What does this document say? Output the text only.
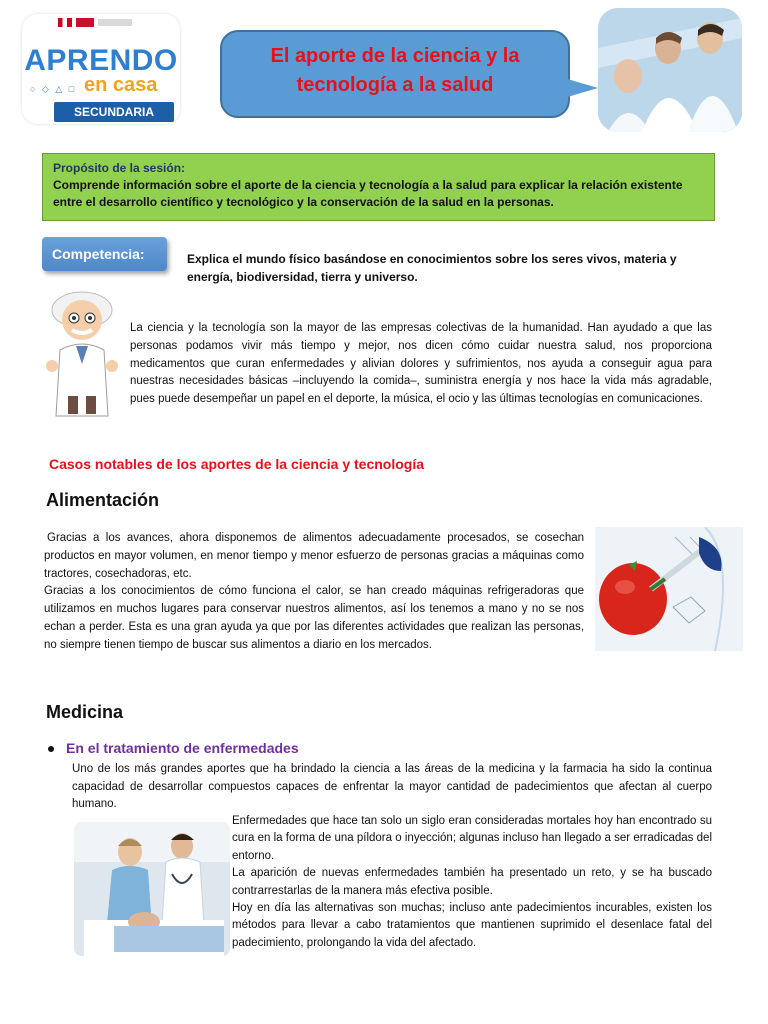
APRENDO
○ ◇ △ □ en casa
SECUNDARIA
El aporte de la ciencia y la
tecnología a la salud
Propósito de la sesión:
Comprende información sobre el aporte de la ciencia y tecnología a la salud para explicar la relación existente entre el desarrollo científico y tecnológico y la conservación de la salud en la personas.
Competencia:	Explica el mundo físico basándose en conocimientos sobre los seres vivos, materia y energía, biodiversidad, tierra y universo.
La ciencia y la tecnología son la mayor de las empresas colectivas de la humanidad. Han ayudado a que las personas podamos vivir más tiempo y mejor, nos dicen cómo cuidar nuestra salud, nos proporciona medicamentos que curan enfermedades y alivian dolores y sufrimientos, nos ayuda a conseguir agua para nuestras necesidades básicas –incluyendo la comida–, suministra energía y nos hace la vida más agradable, pues puede desempeñar un papel en el deporte, la música, el ocio y las últimas tecnologías en comunicaciones.
Casos notables de los aportes de la ciencia y tecnología
Alimentación
Gracias a los avances, ahora disponemos de alimentos adecuadamente procesados, se cosechan productos en mayor volumen, en menor tiempo y menor esfuerzo de personas gracias a máquinas como tractores, cosechadoras, etc.
Gracias a los conocimientos de cómo funciona el calor, se han creado máquinas refrigeradoras que utilizamos en muchos lugares para conservar nuestros alimentos, así los tenemos a mano y no se nos echan a perder. Esta es una gran ayuda ya que por las diferentes actividades que realizan las personas, no siempre tienen tiempo de buscar sus alimentos a diario en los mercados.
Medicina
En el tratamiento de enfermedades
Uno de los más grandes aportes que ha brindado la ciencia a las áreas de la medicina y la farmacia ha sido la continua capacidad de desarrollar compuestos capaces de enfrentar la mayor cantidad de padecimientos que afectan al cuerpo humano.
Enfermedades que hace tan solo un siglo eran consideradas mortales hoy han encontrado su cura en la forma de una píldora o inyección; algunas incluso han llegado a ser erradicadas del entorno.
La aparición de nuevas enfermedades también ha presentado un reto, y se ha buscado contrarrestarlas de la manera más efectiva posible.
Hoy en día las alternativas son muchas; incluso ante padecimientos incurables, existen los métodos para llevar a cabo tratamientos que mantienen suprimido el desenlace fatal del padecimiento, prolongando la vida del afectado.
